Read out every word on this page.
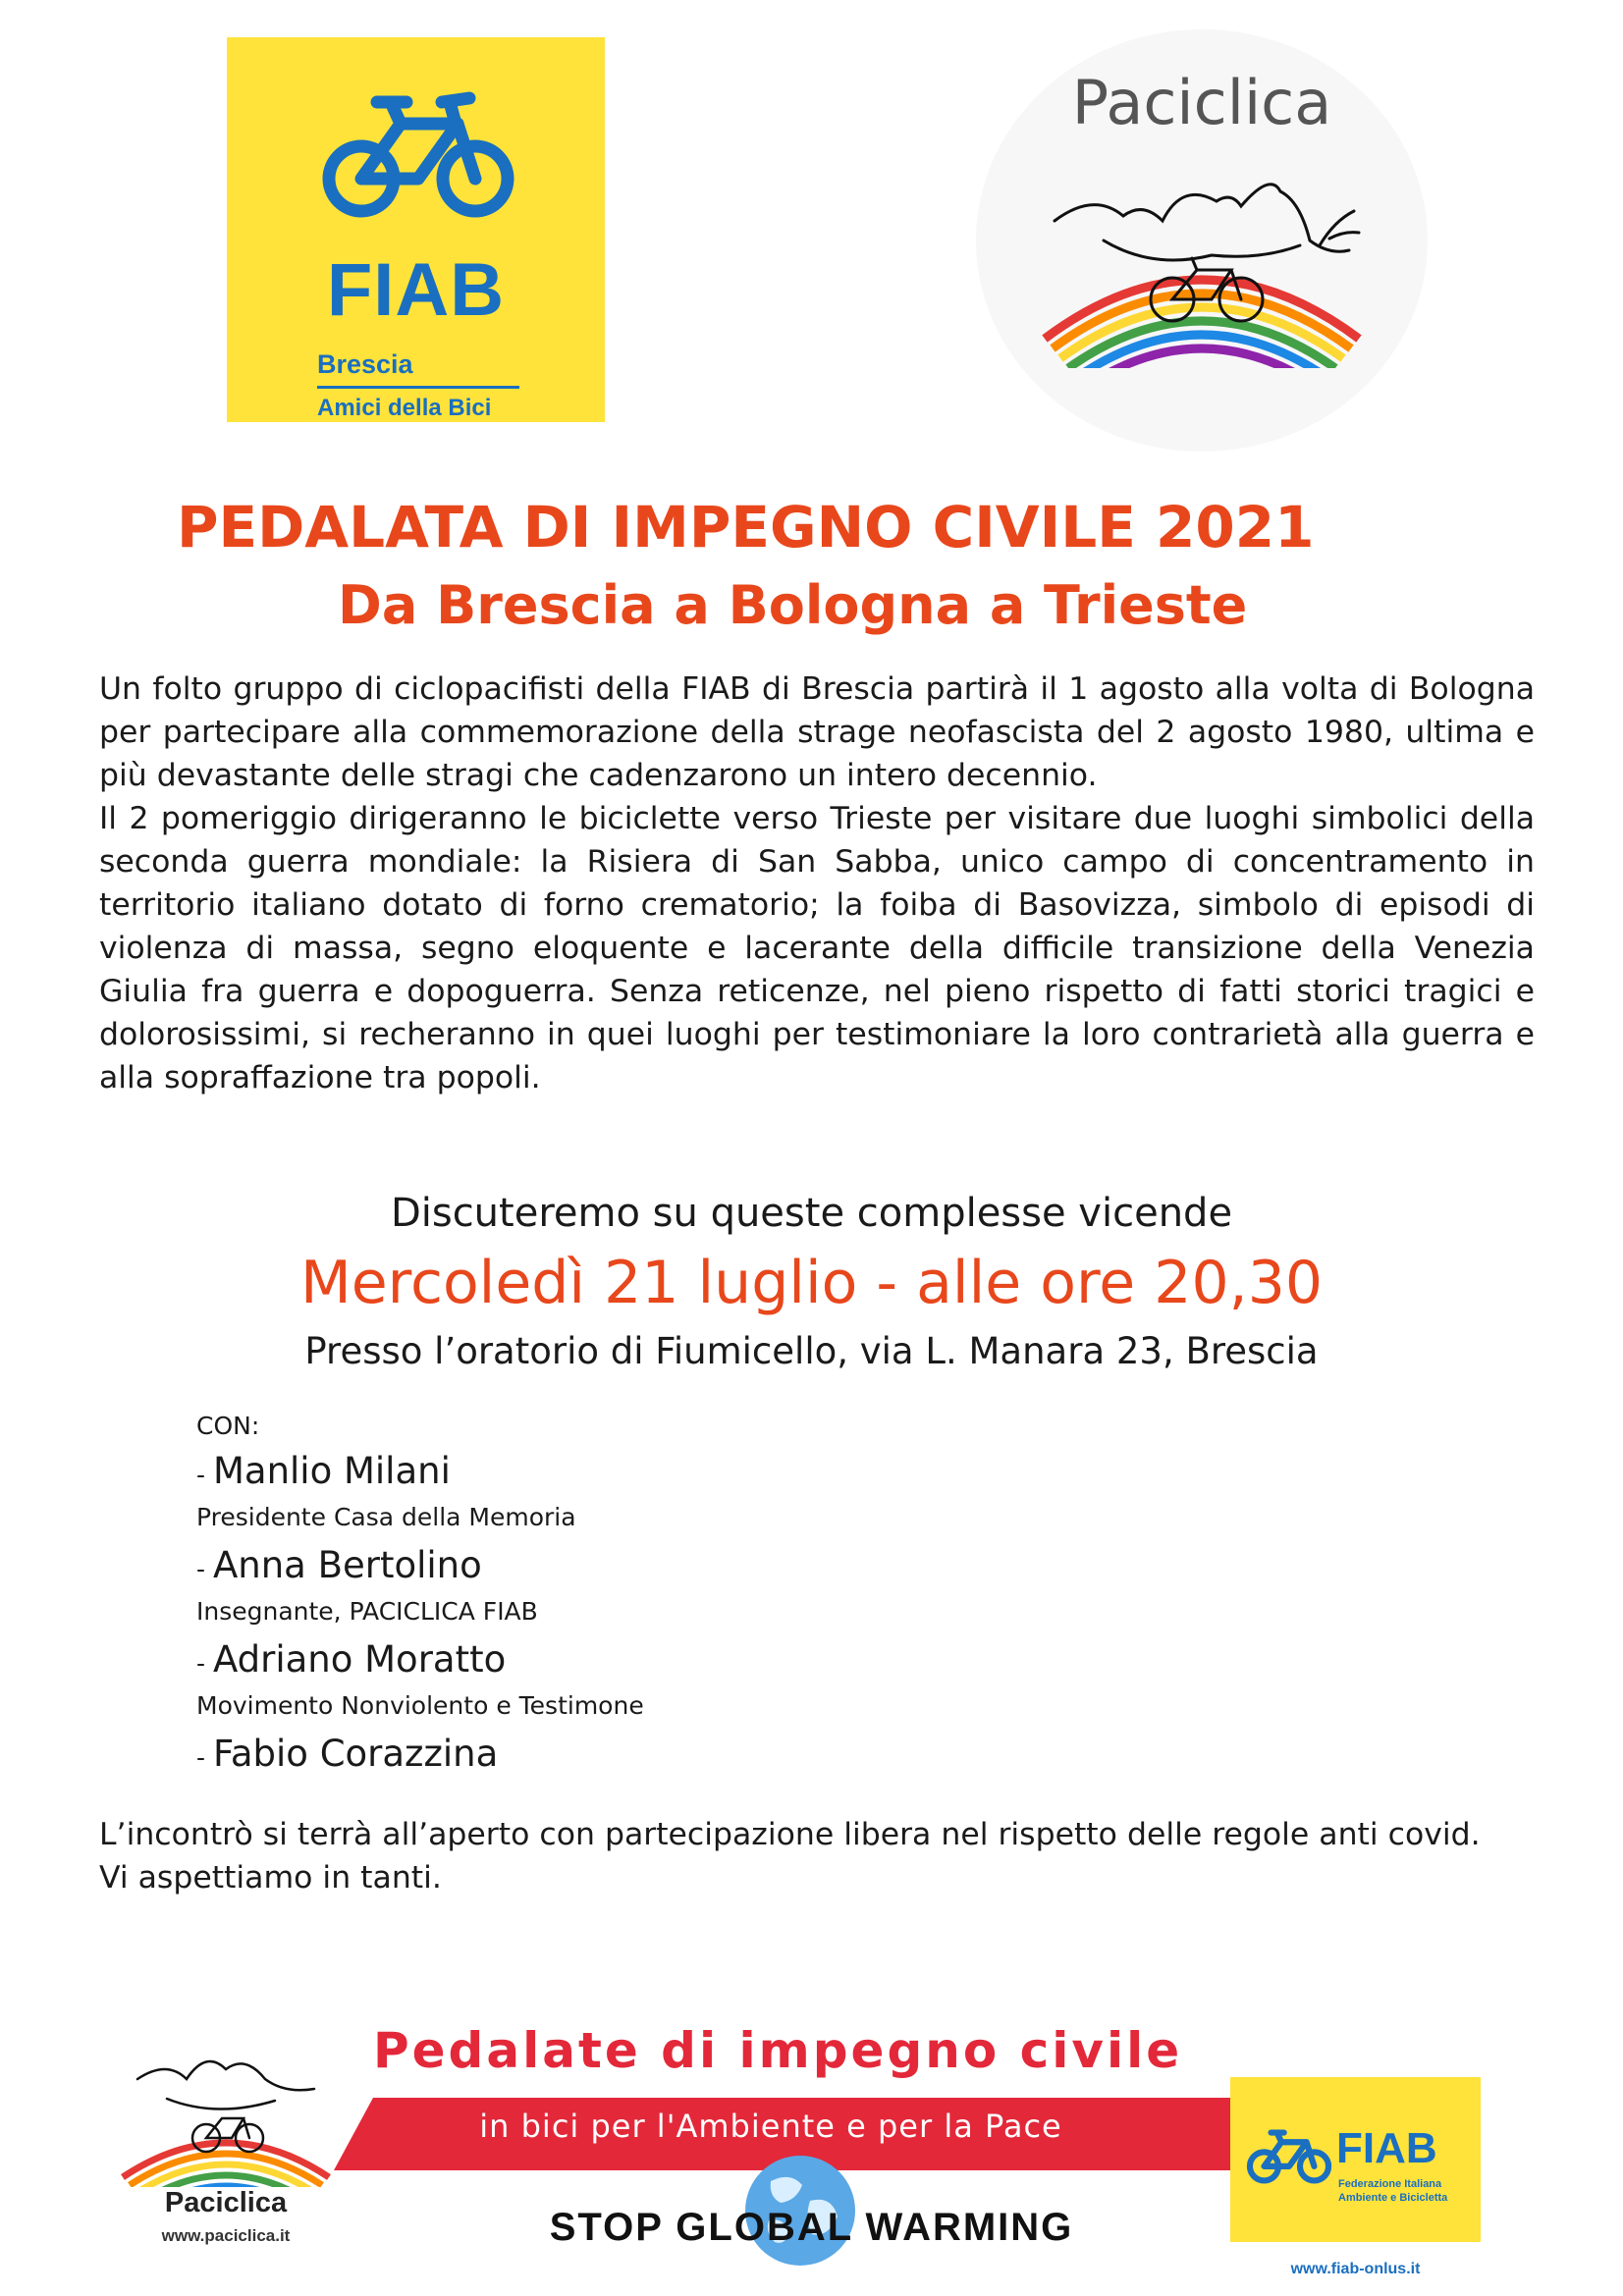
FIAB
Brescia
Amici della Bici
Paciclica
PEDALATA DI IMPEGNO CIVILE 2021
Da Brescia a Bologna a Trieste

Un folto gruppo di ciclopacifisti della FIAB di Brescia partirà il 1 agosto alla volta di Bologna per partecipare alla commemorazione della strage neofascista del 2 agosto 1980, ultima e più devastante delle stragi che cadenzarono un intero decennio.

Il 2 pomeriggio dirigeranno le biciclette verso Trieste per visitare due luoghi simbolici della seconda guerra mondiale: la Risiera di San Sabba, unico campo di concentramento in territorio italiano dotato di forno crematorio; la foiba di Basovizza, simbolo di episodi di violenza di massa, segno eloquente e lacerante della difficile transizione della Venezia Giulia fra guerra e dopoguerra. Senza reticenze, nel pieno rispetto di fatti storici tragici e dolorosissimi, si recheranno in quei luoghi per testimoniare la loro contrarietà alla guerra e alla sopraffazione tra popoli.

Discuteremo su queste complesse vicende
Mercoledì 21 luglio - alle ore 20,30
Presso l’oratorio di Fiumicello, via L. Manara 23, Brescia
CON:
- Manlio Milani
Presidente Casa della Memoria
- Anna Bertolino
Insegnante, PACICLICA FIAB
- Adriano Moratto
Movimento Nonviolento e Testimone
- Fabio Corazzina
L’incontrò si terrà all’aperto con partecipazione libera nel rispetto delle regole anti covid.
Vi aspettiamo in tanti.
Pedalate di impegno civile
in bici per l'Ambiente e per la Pace
STOP GLOBAL WARMING
Paciclica
www.paciclica.it
FIAB
Federazione Italiana Ambiente e Bicicletta
www.fiab-onlus.it
